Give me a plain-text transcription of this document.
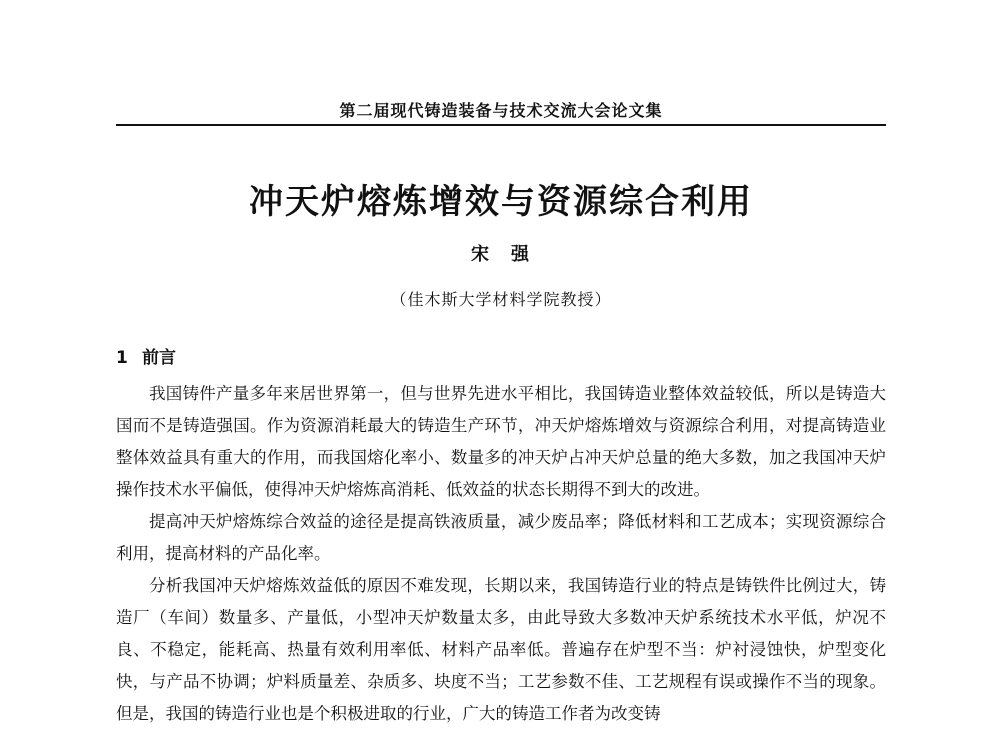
第二届现代铸造装备与技术交流大会论文集
冲天炉熔炼增效与资源综合利用
宋　强
（佳木斯大学材料学院教授）
1 前言

我国铸件产量多年来居世界第一，但与世界先进水平相比，我国铸造业整体效益较低，所以是铸造大国而不是铸造强国。作为资源消耗最大的铸造生产环节，冲天炉熔炼增效与资源综合利用，对提高铸造业整体效益具有重大的作用，而我国熔化率小、数量多的冲天炉占冲天炉总量的绝大多数，加之我国冲天炉操作技术水平偏低，使得冲天炉熔炼高消耗、低效益的状态长期得不到大的改进。

提高冲天炉熔炼综合效益的途径是提高铁液质量，减少废品率；降低材料和工艺成本；实现资源综合利用，提高材料的产品化率。

分析我国冲天炉熔炼效益低的原因不难发现，长期以来，我国铸造行业的特点是铸铁件比例过大，铸造厂（车间）数量多、产量低，小型冲天炉数量太多，由此导致大多数冲天炉系统技术水平低，炉况不良、不稳定，能耗高、热量有效利用率低、材料产品率低。普遍存在炉型不当：炉衬浸蚀快，炉型变化快，与产品不协调；炉料质量差、杂质多、块度不当；工艺参数不佳、工艺规程有误或操作不当的现象。但是，我国的铸造行业也是个积极进取的行业，广大的铸造工作者为改变铸
